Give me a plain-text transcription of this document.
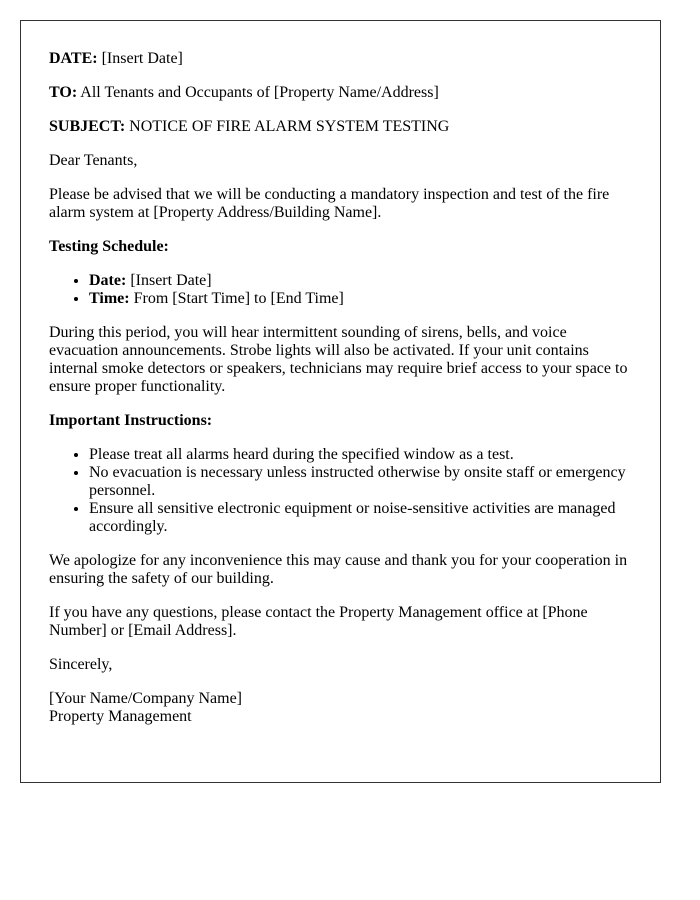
DATE: [Insert Date]

TO: All Tenants and Occupants of [Property Name/Address]

SUBJECT: NOTICE OF FIRE ALARM SYSTEM TESTING

Dear Tenants,

Please be advised that we will be conducting a mandatory inspection and test of the fire alarm system at [Property Address/Building Name].

Testing Schedule:

• Date: [Insert Date]
• Time: From [Start Time] to [End Time]

During this period, you will hear intermittent sounding of sirens, bells, and voice evacuation announcements. Strobe lights will also be activated. If your unit contains internal smoke detectors or speakers, technicians may require brief access to your space to ensure proper functionality.

Important Instructions:

• Please treat all alarms heard during the specified window as a test.
• No evacuation is necessary unless instructed otherwise by onsite staff or emergency personnel.
• Ensure all sensitive electronic equipment or noise-sensitive activities are managed accordingly.

We apologize for any inconvenience this may cause and thank you for your cooperation in ensuring the safety of our building.

If you have any questions, please contact the Property Management office at [Phone Number] or [Email Address].

Sincerely,

[Your Name/Company Name]
Property Management
